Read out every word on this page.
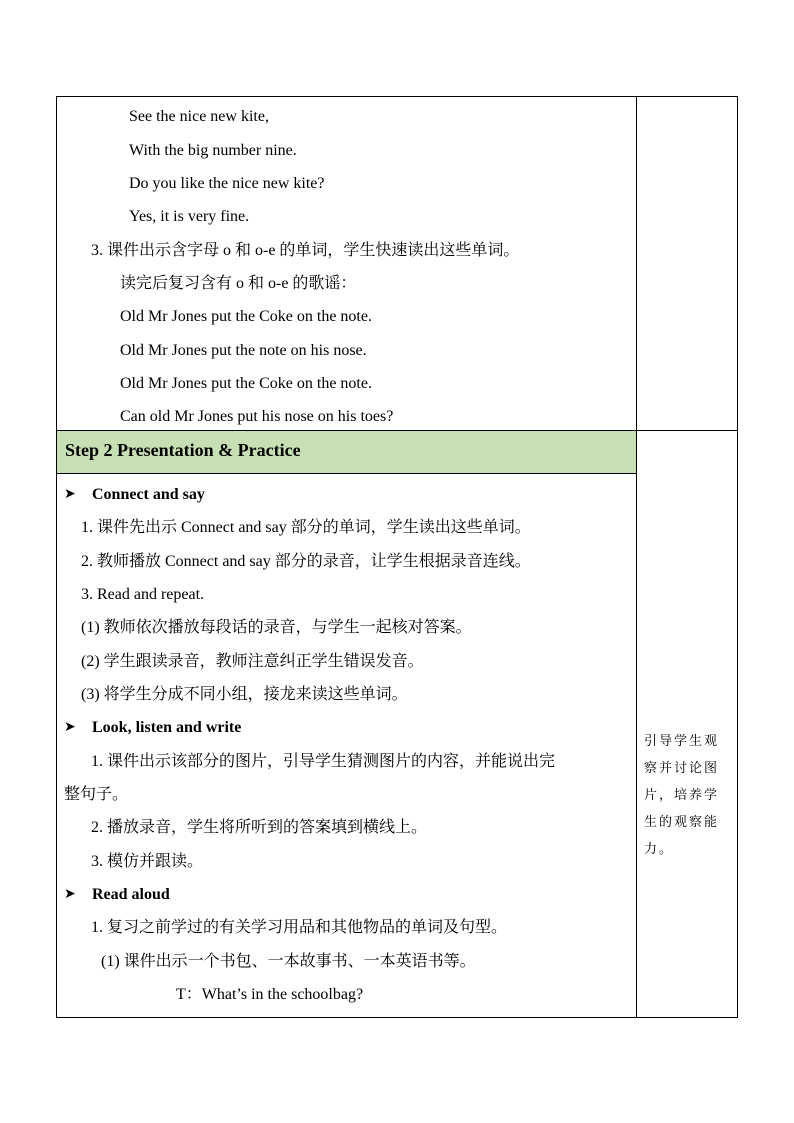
See the nice new kite,
With the big number nine.
Do you like the nice new kite?
Yes, it is very fine.
3. 课件出示含字母 o 和 o-e 的单词，学生快速读出这些单词。
读完后复习含有 o 和 o-e 的歌谣：
Old Mr Jones put the Coke on the note.
Old Mr Jones put the note on his nose.
Old Mr Jones put the Coke on the note.
Can old Mr Jones put his nose on his toes?
Step 2 Presentation & Practice
➤ Connect and say
1. 课件先出示 Connect and say 部分的单词，学生读出这些单词。
2. 教师播放 Connect and say 部分的录音，让学生根据录音连线。
3. Read and repeat.
(1) 教师依次播放每段话的录音，与学生一起核对答案。
(2) 学生跟读录音，教师注意纠正学生错误发音。
(3) 将学生分成不同小组，接龙来读这些单词。
➤ Look, listen and write
1. 课件出示该部分的图片，引导学生猜测图片的内容，并能说出完
整句子。
2. 播放录音，学生将所听到的答案填到横线上。
3. 模仿并跟读。
➤ Read aloud
1. 复习之前学过的有关学习用品和其他物品的单词及句型。
(1) 课件出示一个书包、一本故事书、一本英语书等。
T：What’s in the schoolbag?
引导学生观
察并讨论图
片，培养学
生的观察能
力。
